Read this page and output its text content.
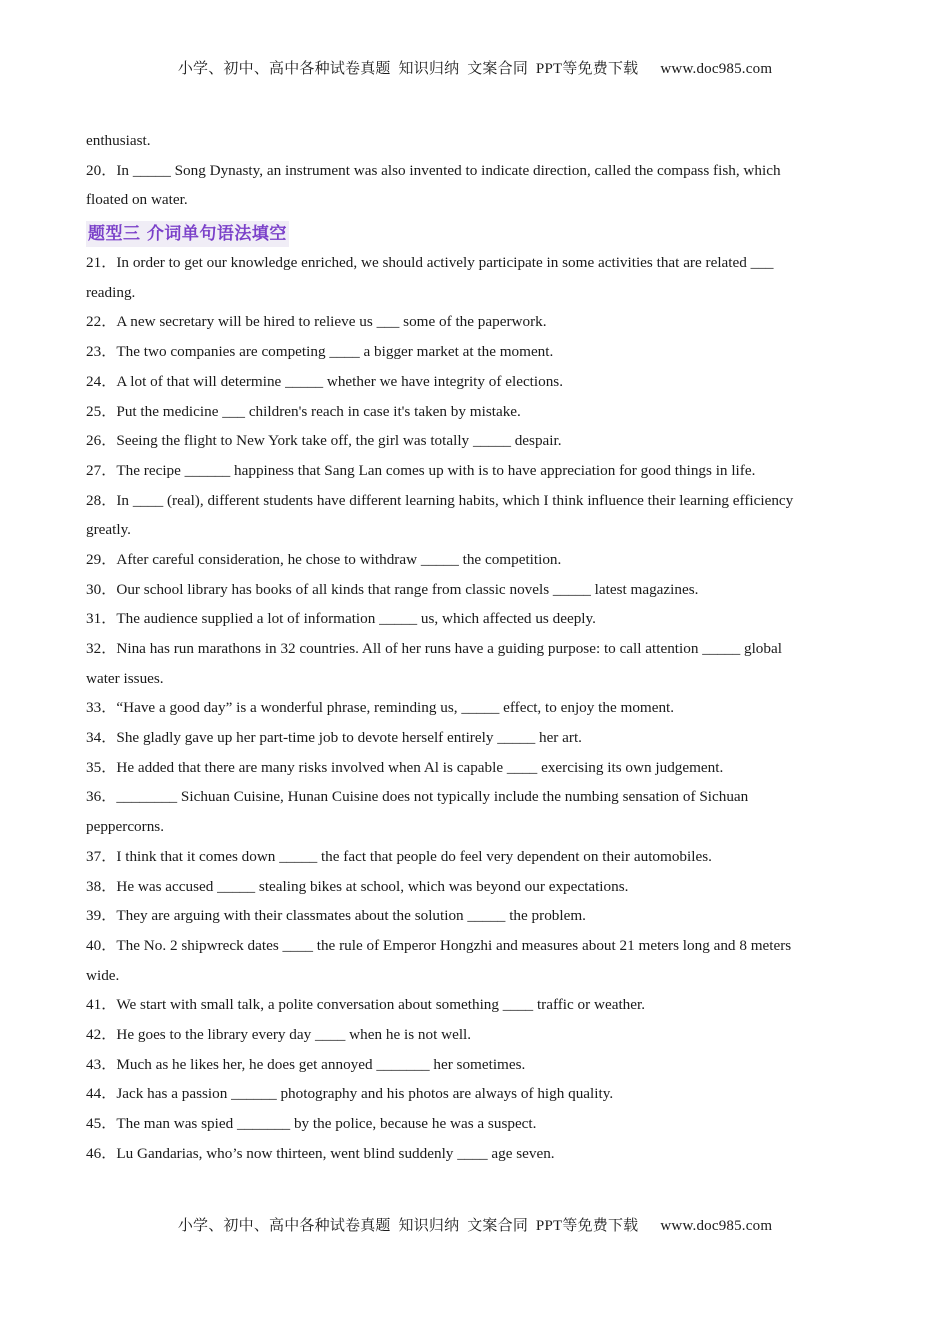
小学、初中、高中各种试卷真题  知识归纳  文案合同  PPT等免费下载 www.doc985.com
enthusiast.
20．In _____ Song Dynasty, an instrument was also invented to indicate direction, called the compass fish, which
floated on water.
题型三 介词单句语法填空
21．In order to get our knowledge enriched, we should actively participate in some activities that are related ___
reading.
22．A new secretary will be hired to relieve us ___ some of the paperwork.
23．The two companies are competing ____ a bigger market at the moment.
24．A lot of that will determine _____ whether we have integrity of elections.
25．Put the medicine ___ children's reach in case it's taken by mistake.
26．Seeing the flight to New York take off, the girl was totally _____ despair.
27．The recipe ______ happiness that Sang Lan comes up with is to have appreciation for good things in life.
28．In ____ (real), different students have different learning habits, which I think influence their learning efficiency
greatly.
29．After careful consideration, he chose to withdraw _____ the competition.
30．Our school library has books of all kinds that range from classic novels _____ latest magazines.
31．The audience supplied a lot of information _____ us, which affected us deeply.
32．Nina has run marathons in 32 countries. All of her runs have a guiding purpose: to call attention _____ global
water issues.
33．“Have a good day” is a wonderful phrase, reminding us, _____ effect, to enjoy the moment.
34．She gladly gave up her part-time job to devote herself entirely _____ her art.
35．He added that there are many risks involved when Al is capable ____ exercising its own judgement.
36．________ Sichuan Cuisine, Hunan Cuisine does not typically include the numbing sensation of Sichuan
peppercorns.
37．I think that it comes down _____ the fact that people do feel very dependent on their automobiles.
38．He was accused _____ stealing bikes at school, which was beyond our expectations.
39．They are arguing with their classmates about the solution _____ the problem.
40．The No. 2 shipwreck dates ____ the rule of Emperor Hongzhi and measures about 21 meters long and 8 meters
wide.
41．We start with small talk, a polite conversation about something ____ traffic or weather.
42．He goes to the library every day ____ when he is not well.
43．Much as he likes her, he does get annoyed _______ her sometimes.
44．Jack has a passion ______ photography and his photos are always of high quality.
45．The man was spied _______ by the police, because he was a suspect.
46．Lu Gandarias, who’s now thirteen, went blind suddenly ____ age seven.
小学、初中、高中各种试卷真题  知识归纳  文案合同  PPT等免费下载 www.doc985.com
